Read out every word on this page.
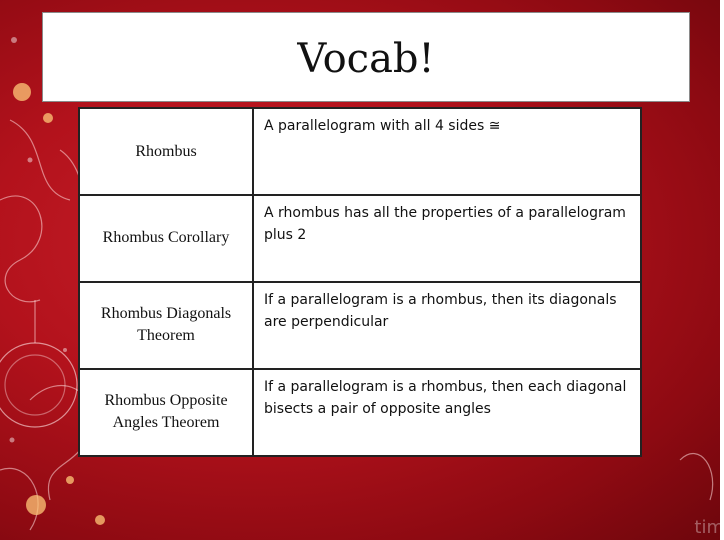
Vocab!
Rhombus	A parallelogram with all 4 sides ≅

Rhombus Corollary	A rhombus has all the properties of a parallelogram plus 2

Rhombus Diagonals Theorem	If a parallelogram is a rhombus, then its diagonals are perpendicular

Rhombus Opposite Angles Theorem	If a parallelogram is a rhombus, then each diagonal bisects a pair of opposite angles
tim
